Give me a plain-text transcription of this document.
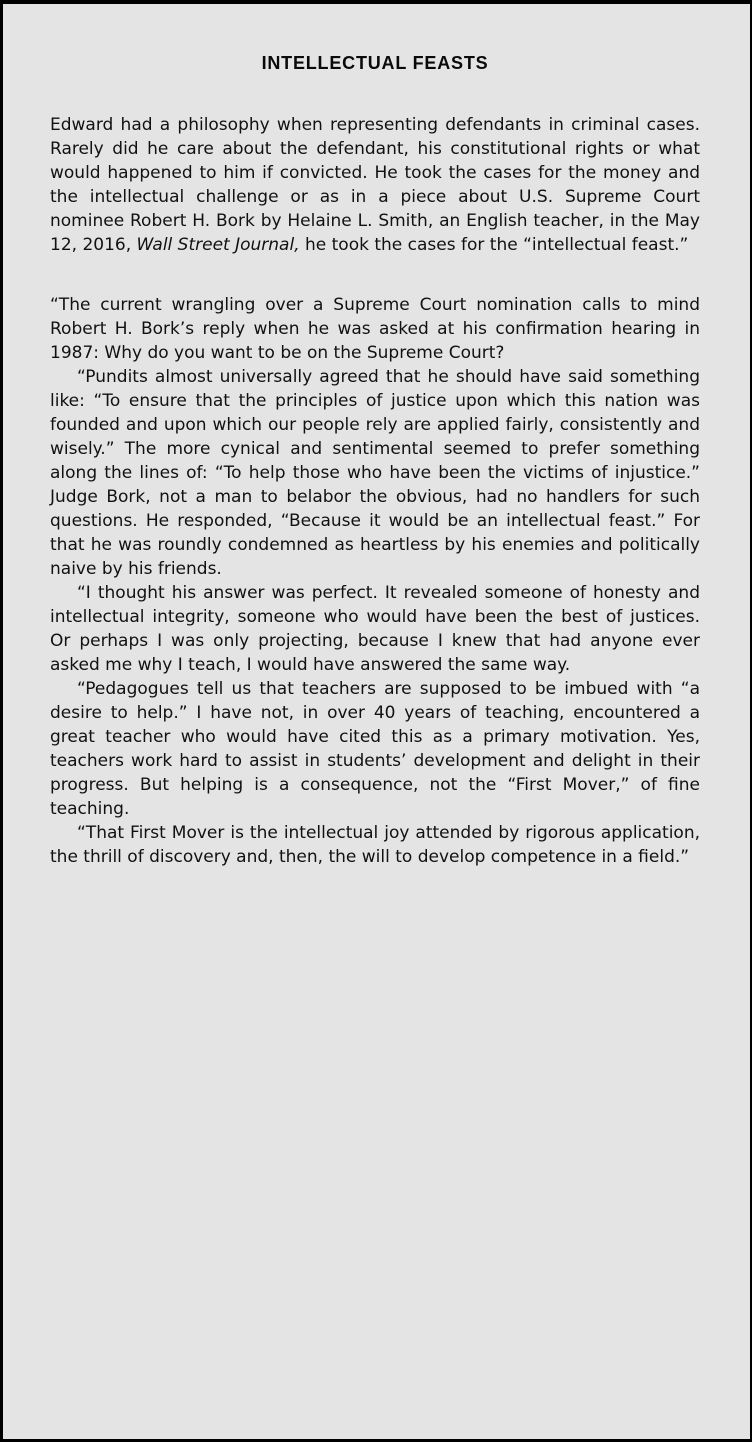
INTELLECTUAL FEASTS

Edward had a philosophy when representing defendants in criminal cases. Rarely did he care about the defendant, his constitutional rights or what would happened to him if convicted. He took the cases for the money and the intellectual challenge or as in a piece about U.S. Supreme Court nominee Robert H. Bork by Helaine L. Smith, an English teacher, in the May 12, 2016, Wall Street Journal, he took the cases for the “intellectual feast.”

“The current wrangling over a Supreme Court nomination calls to mind Robert H. Bork’s reply when he was asked at his confirmation hearing in 1987: Why do you want to be on the Supreme Court?

“Pundits almost universally agreed that he should have said something like: “To ensure that the principles of justice upon which this nation was founded and upon which our people rely are applied fairly, consistently and wisely.” The more cynical and sentimental seemed to prefer something along the lines of: “To help those who have been the victims of injustice.” Judge Bork, not a man to belabor the obvious, had no handlers for such questions. He responded, “Because it would be an intellectual feast.” For that he was roundly condemned as heartless by his enemies and politically naive by his friends.

“I thought his answer was perfect. It revealed someone of honesty and intellectual integrity, someone who would have been the best of justices. Or perhaps I was only projecting, because I knew that had anyone ever asked me why I teach, I would have answered the same way.

“Pedagogues tell us that teachers are supposed to be imbued with “a desire to help.” I have not, in over 40 years of teaching, encountered a great teacher who would have cited this as a primary motivation. Yes, teachers work hard to assist in students’ development and delight in their progress. But helping is a consequence, not the “First Mover,” of fine teaching.

“That First Mover is the intellectual joy attended by rigorous application, the thrill of discovery and, then, the will to develop competence in a field.”
